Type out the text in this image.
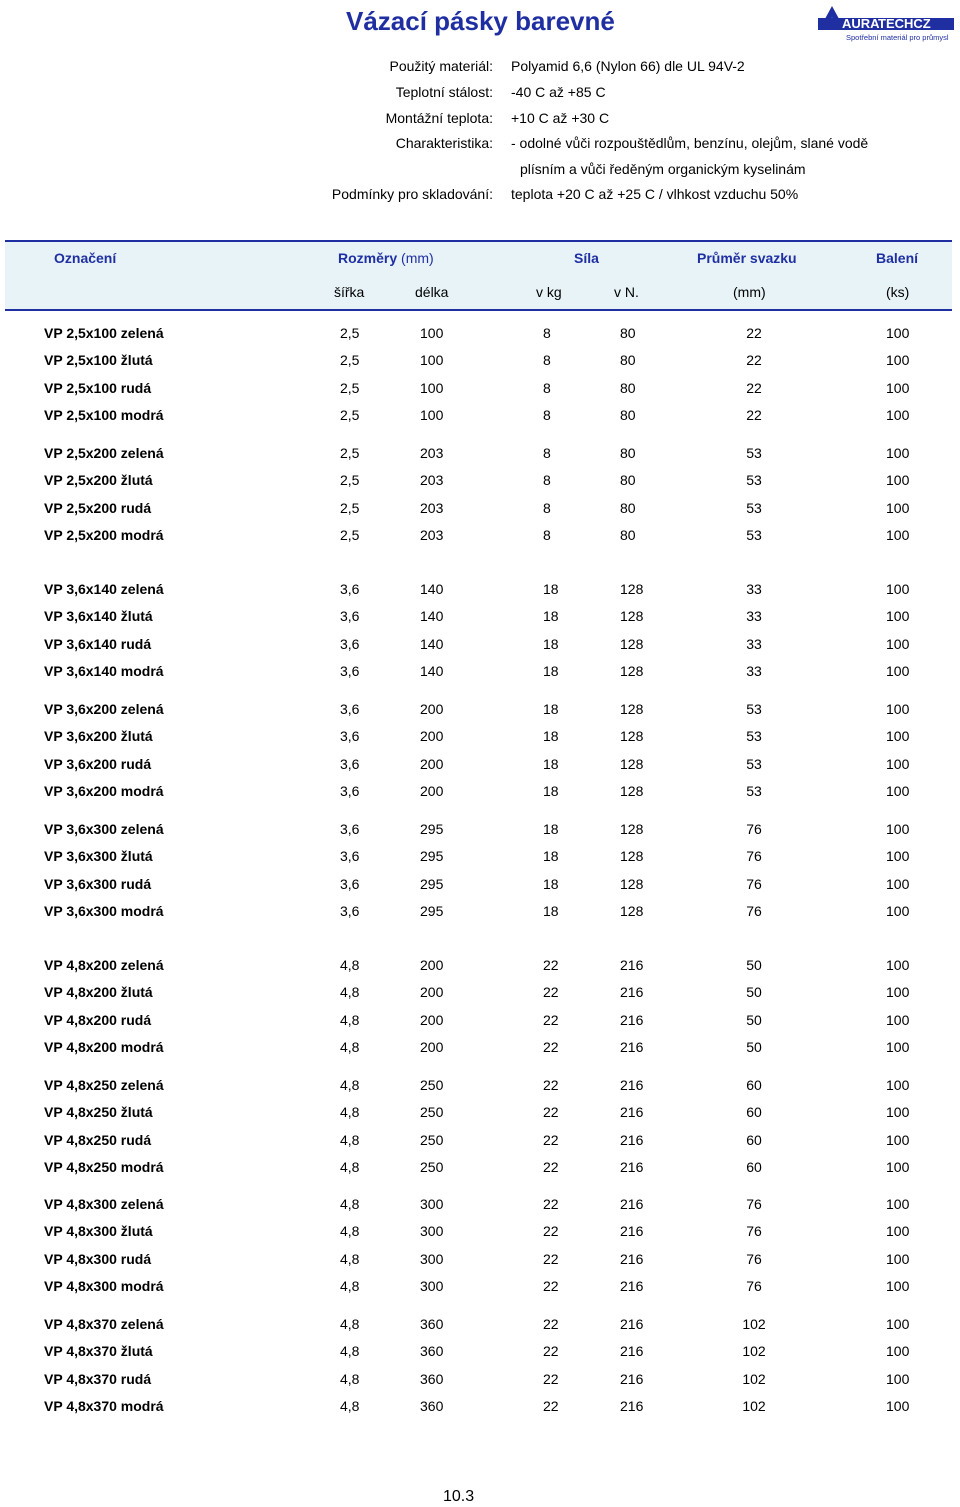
Vázací pásky barevné	AURA
TECHCZ
Spotřební materiál pro průmysl
Použitý materiál: Polyamid 6,6 (Nylon 66) dle UL 94V-2
Teplotní stálost: -40 C až +85 C
Montážní teplota: +10 C až +30 C
Charakteristika: - odolné vůči rozpouštědlům, benzínu, olejům, slané vodě
plísním a vůči ředěným organickým kyselinám
Podmínky pro skladování: teplota +20 C až +25 C / vlhkost vzduchu 50%
Označení	Rozměry (mm)	Síla	Průměr svazku	Balení
šířka	délka	v kg	v N.	(mm)	(ks)
VP 2,5x100 zelená	2,5	100	8	80	22	100
VP 2,5x100 žlutá	2,5	100	8	80	22	100
VP 2,5x100 rudá	2,5	100	8	80	22	100
VP 2,5x100 modrá	2,5	100	8	80	22	100
VP 2,5x200 zelená	2,5	203	8	80	53	100
VP 2,5x200 žlutá	2,5	203	8	80	53	100
VP 2,5x200 rudá	2,5	203	8	80	53	100
VP 2,5x200 modrá	2,5	203	8	80	53	100
VP 3,6x140 zelená	3,6	140	18	128	33	100
VP 3,6x140 žlutá	3,6	140	18	128	33	100
VP 3,6x140 rudá	3,6	140	18	128	33	100
VP 3,6x140 modrá	3,6	140	18	128	33	100
VP 3,6x200 zelená	3,6	200	18	128	53	100
VP 3,6x200 žlutá	3,6	200	18	128	53	100
VP 3,6x200 rudá	3,6	200	18	128	53	100
VP 3,6x200 modrá	3,6	200	18	128	53	100
VP 3,6x300 zelená	3,6	295	18	128	76	100
VP 3,6x300 žlutá	3,6	295	18	128	76	100
VP 3,6x300 rudá	3,6	295	18	128	76	100
VP 3,6x300 modrá	3,6	295	18	128	76	100
VP 4,8x200 zelená	4,8	200	22	216	50	100
VP 4,8x200 žlutá	4,8	200	22	216	50	100
VP 4,8x200 rudá	4,8	200	22	216	50	100
VP 4,8x200 modrá	4,8	200	22	216	50	100
VP 4,8x250 zelená	4,8	250	22	216	60	100
VP 4,8x250 žlutá	4,8	250	22	216	60	100
VP 4,8x250 rudá	4,8	250	22	216	60	100
VP 4,8x250 modrá	4,8	250	22	216	60	100
VP 4,8x300 zelená	4,8	300	22	216	76	100
VP 4,8x300 žlutá	4,8	300	22	216	76	100
VP 4,8x300 rudá	4,8	300	22	216	76	100
VP 4,8x300 modrá	4,8	300	22	216	76	100
VP 4,8x370 zelená	4,8	360	22	216	102	100
VP 4,8x370 žlutá	4,8	360	22	216	102	100
VP 4,8x370 rudá	4,8	360	22	216	102	100
VP 4,8x370 modrá	4,8	360	22	216	102	100
10.3
